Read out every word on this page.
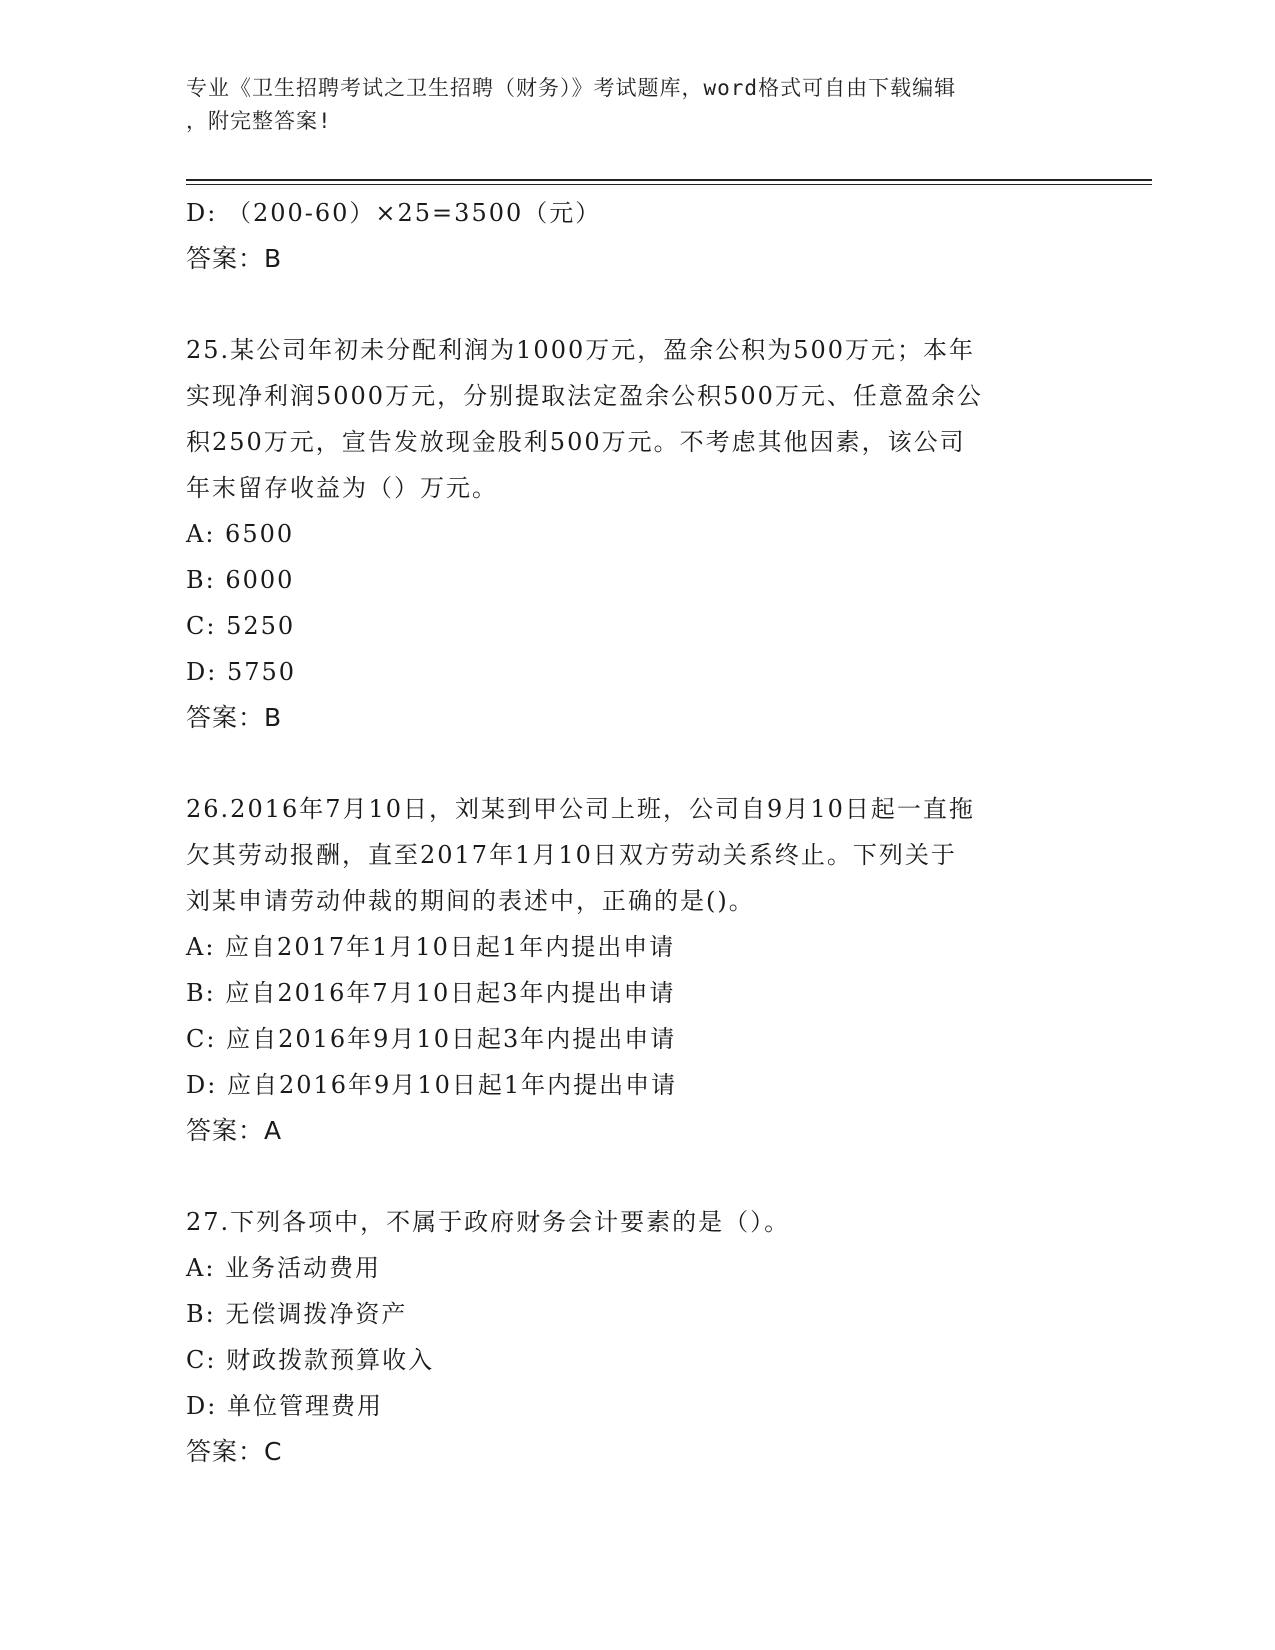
专业《卫生招聘考试之卫生招聘（财务）》考试题库，word格式可自由下载编辑
，附完整答案!
D: （200-60）×25=3500（元）
答案：B
25.某公司年初未分配利润为1000万元，盈余公积为500万元；本年
实现净利润5000万元，分别提取法定盈余公积500万元、任意盈余公
积250万元，宣告发放现金股利500万元。不考虑其他因素，该公司
年末留存收益为（）万元。
A: 6500
B: 6000
C: 5250
D: 5750
答案：B
26.2016年7月10日，刘某到甲公司上班，公司自9月10日起一直拖
欠其劳动报酬，直至2017年1月10日双方劳动关系终止。下列关于
刘某申请劳动仲裁的期间的表述中，正确的是()。
A: 应自2017年1月10日起1年内提出申请
B: 应自2016年7月10日起3年内提出申请
C: 应自2016年9月10日起3年内提出申请
D: 应自2016年9月10日起1年内提出申请
答案：A
27.下列各项中，不属于政府财务会计要素的是（）。
A: 业务活动费用
B: 无偿调拨净资产
C: 财政拨款预算收入
D: 单位管理费用
答案：C
